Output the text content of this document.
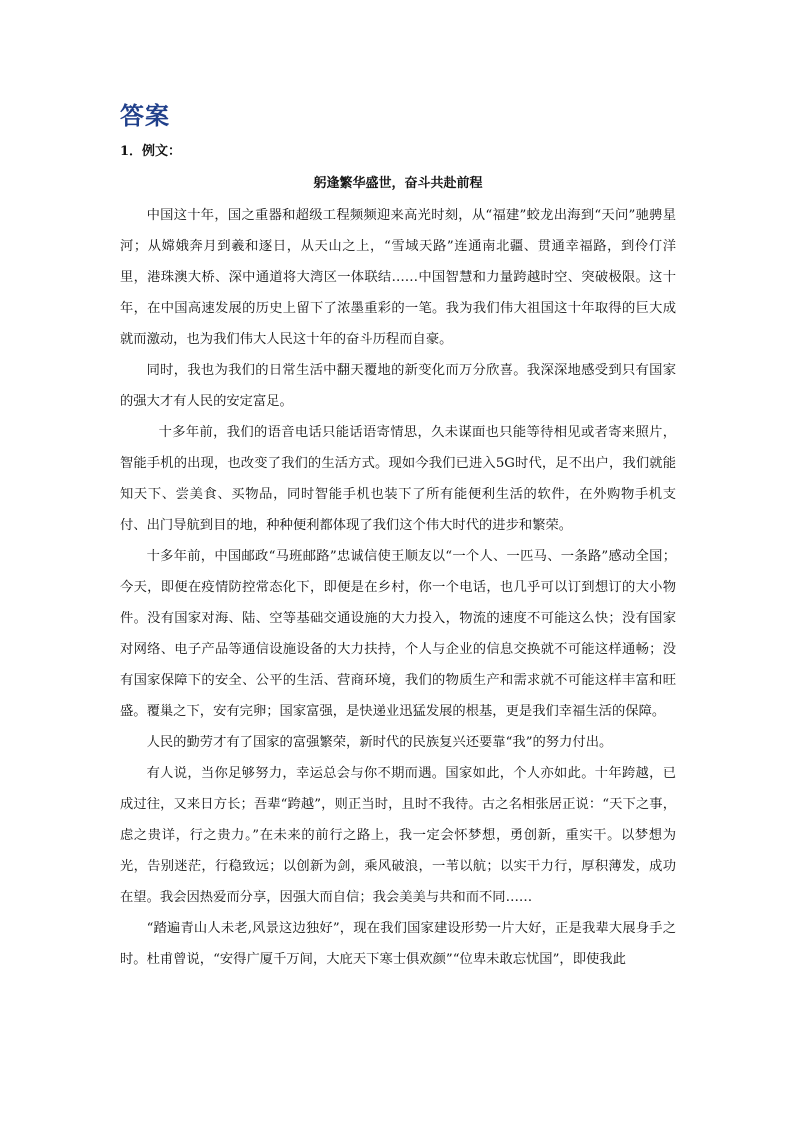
答案
1．例文：
躬逢繁华盛世，奋斗共赴前程

中国这十年，国之重器和超级工程频频迎来高光时刻，从“福建”蛟龙出海到“天问”驰骋星河；从嫦娥奔月到羲和逐日，从天山之上，“雪域天路”连通南北疆、贯通幸福路，到伶仃洋里，港珠澳大桥、深中通道将大湾区一体联结……中国智慧和力量跨越时空、突破极限。这十年，在中国高速发展的历史上留下了浓墨重彩的一笔。我为我们伟大祖国这十年取得的巨大成就而激动，也为我们伟大人民这十年的奋斗历程而自豪。

同时，我也为我们的日常生活中翻天覆地的新变化而万分欣喜。我深深地感受到只有国家的强大才有人民的安定富足。

十多年前，我们的语音电话只能话语寄情思，久未谋面也只能等待相见或者寄来照片，智能手机的出现，也改变了我们的生活方式。现如今我们已进入5G时代，足不出户，我们就能知天下、尝美食、买物品，同时智能手机也装下了所有能便利生活的软件，在外购物手机支付、出门导航到目的地，种种便利都体现了我们这个伟大时代的进步和繁荣。

十多年前，中国邮政“马班邮路”忠诚信使王顺友以“一个人、一匹马、一条路”感动全国；今天，即便在疫情防控常态化下，即便是在乡村，你一个电话，也几乎可以订到想订的大小物件。没有国家对海、陆、空等基础交通设施的大力投入，物流的速度不可能这么快；没有国家对网络、电子产品等通信设施设备的大力扶持，个人与企业的信息交换就不可能这样通畅；没有国家保障下的安全、公平的生活、营商环境，我们的物质生产和需求就不可能这样丰富和旺盛。覆巢之下，安有完卵；国家富强，是快递业迅猛发展的根基，更是我们幸福生活的保障。

人民的勤劳才有了国家的富强繁荣，新时代的民族复兴还要靠“我”的努力付出。

有人说，当你足够努力，幸运总会与你不期而遇。国家如此，个人亦如此。十年跨越，已成过往，又来日方长；吾辈“跨越”，则正当时，且时不我待。古之名相张居正说：“天下之事，虑之贵详，行之贵力。”在未来的前行之路上，我一定会怀梦想，勇创新，重实干。以梦想为光，告别迷茫，行稳致远；以创新为剑，乘风破浪，一苇以航；以实干力行，厚积薄发，成功在望。我会因热爱而分享，因强大而自信；我会美美与共和而不同……

“踏遍青山人未老,风景这边独好”，现在我们国家建设形势一片大好，正是我辈大展身手之时。杜甫曾说，“安得广厦千万间，大庇天下寒士俱欢颜”“位卑未敢忘忧国”，即使我此
